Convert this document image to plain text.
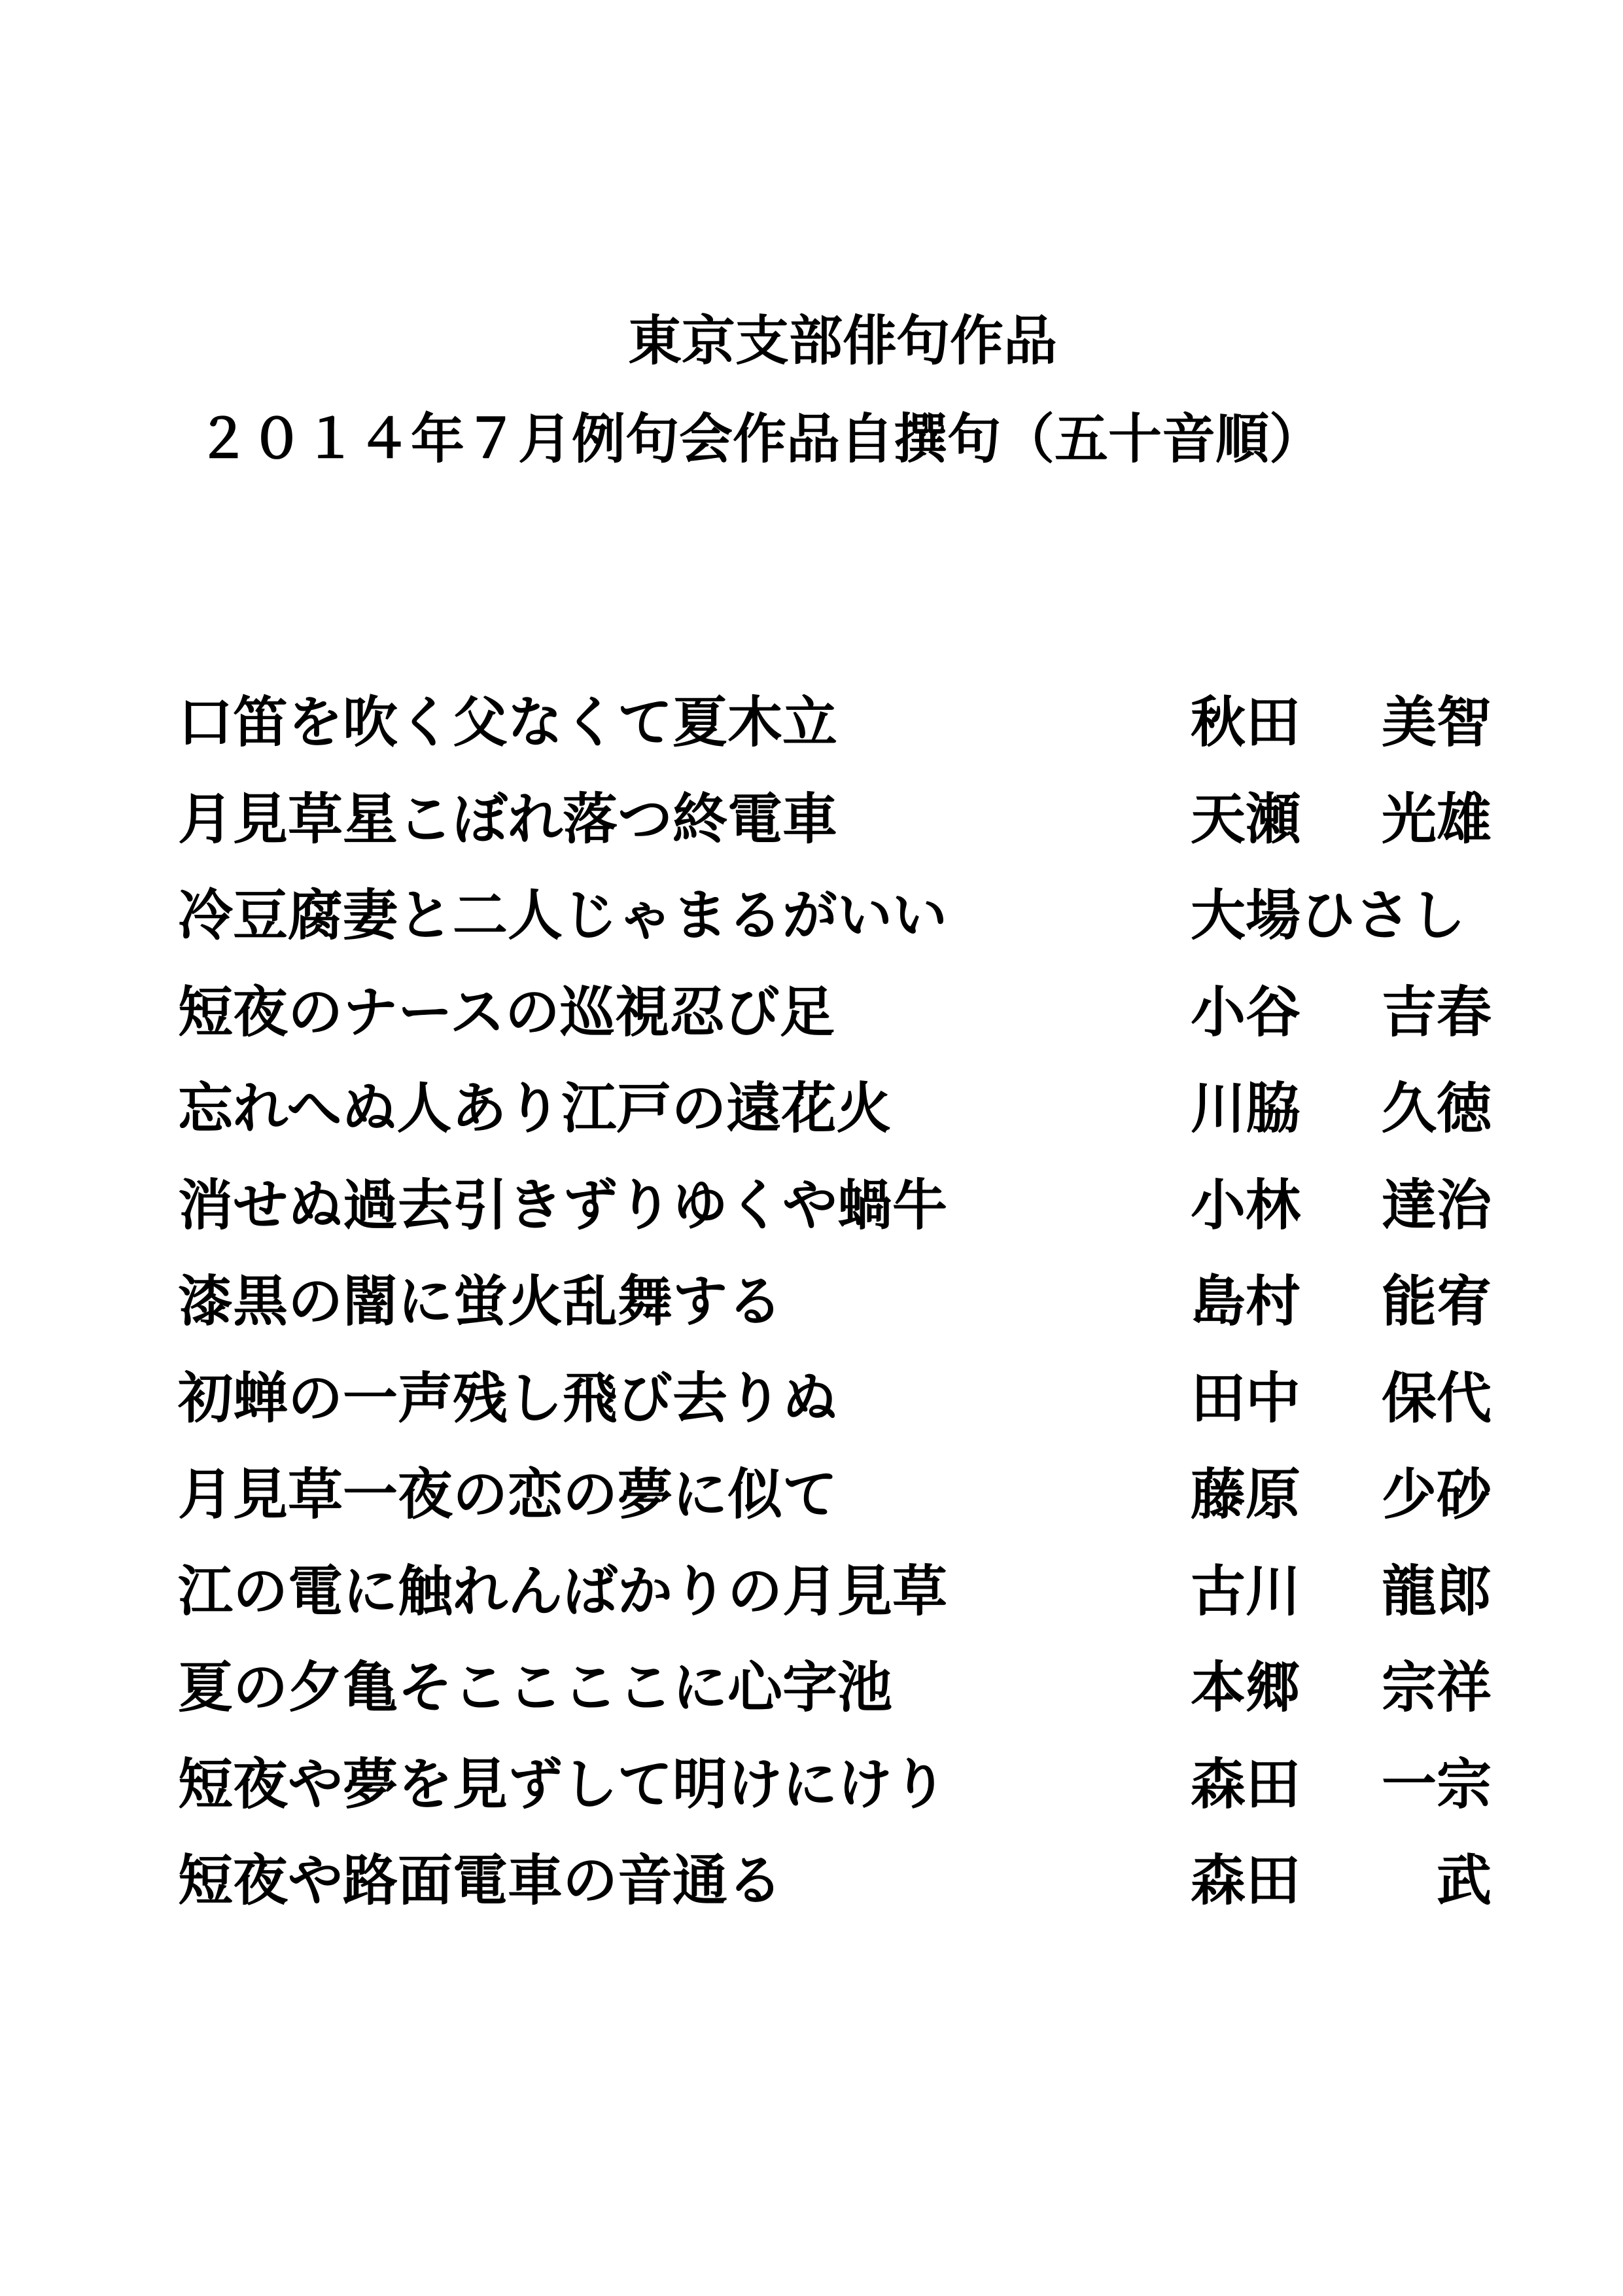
東京支部俳句作品
２０１４年７月例句会作品自撰句（五十音順）
口笛を吹く父なくて夏木立	秋田 美智
月見草星こぼれ落つ終電車	天瀬 光雄
冷豆腐妻と二人じゃまるがいい	大場ひさし
短夜のナースの巡視忍び足	小谷 吉春
忘れへぬ人あり江戸の遠花火	川脇 久徳
消せぬ過去引きずりゆくや蝸牛	小林 達治
漆黒の闇に蛍火乱舞する	島村 能宥
初蝉の一声残し飛び去りぬ	田中 保代
月見草一夜の恋の夢に似て	藤原 少砂
江の電に触れんばかりの月見草	古川 龍郎
夏の夕亀そここここに心字池	本郷 宗祥
短夜や夢を見ずして明けにけり	森田 一宗
短夜や路面電車の音通る	森田 武
